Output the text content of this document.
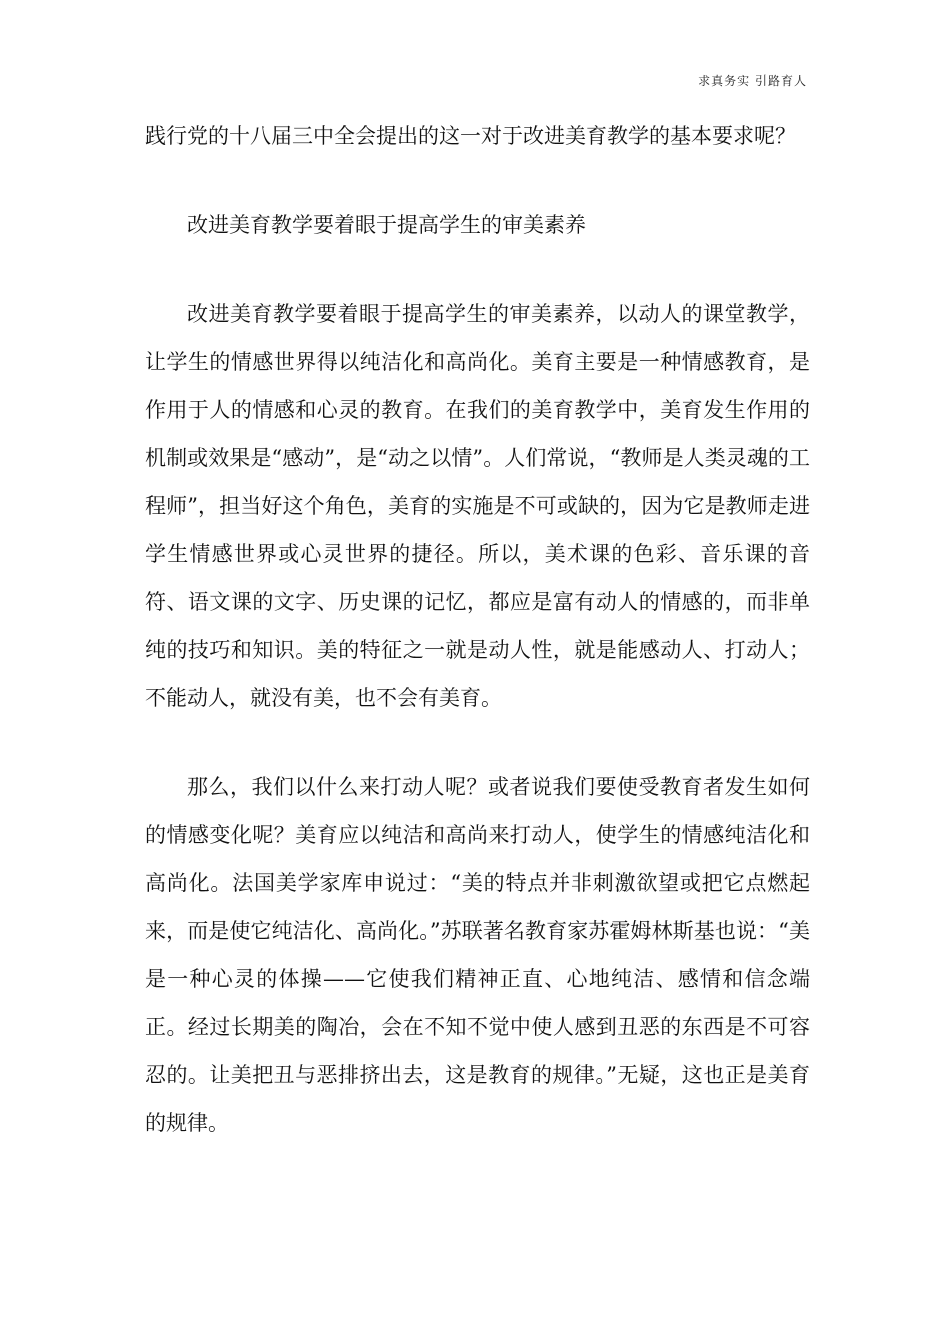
求真务实 引路育人

践行党的十八届三中全会提出的这一对于改进美育教学的基本要求呢？

改进美育教学要着眼于提高学生的审美素养

改进美育教学要着眼于提高学生的审美素养，以动人的课堂教学，让学生的情感世界得以纯洁化和高尚化。美育主要是一种情感教育，是作用于人的情感和心灵的教育。在我们的美育教学中，美育发生作用的机制或效果是“感动”，是“动之以情”。人们常说，“教师是人类灵魂的工程师”，担当好这个角色，美育的实施是不可或缺的，因为它是教师走进学生情感世界或心灵世界的捷径。所以，美术课的色彩、音乐课的音符、语文课的文字、历史课的记忆，都应是富有动人的情感的，而非单纯的技巧和知识。美的特征之一就是动人性，就是能感动人、打动人；不能动人，就没有美，也不会有美育。

那么，我们以什么来打动人呢？或者说我们要使受教育者发生如何的情感变化呢？美育应以纯洁和高尚来打动人，使学生的情感纯洁化和高尚化。法国美学家库申说过：“美的特点并非刺激欲望或把它点燃起来，而是使它纯洁化、高尚化。”苏联著名教育家苏霍姆林斯基也说：“美是一种心灵的体操——它使我们精神正直、心地纯洁、感情和信念端正。经过长期美的陶冶，会在不知不觉中使人感到丑恶的东西是不可容忍的。让美把丑与恶排挤出去，这是教育的规律。”无疑，这也正是美育的规律。
